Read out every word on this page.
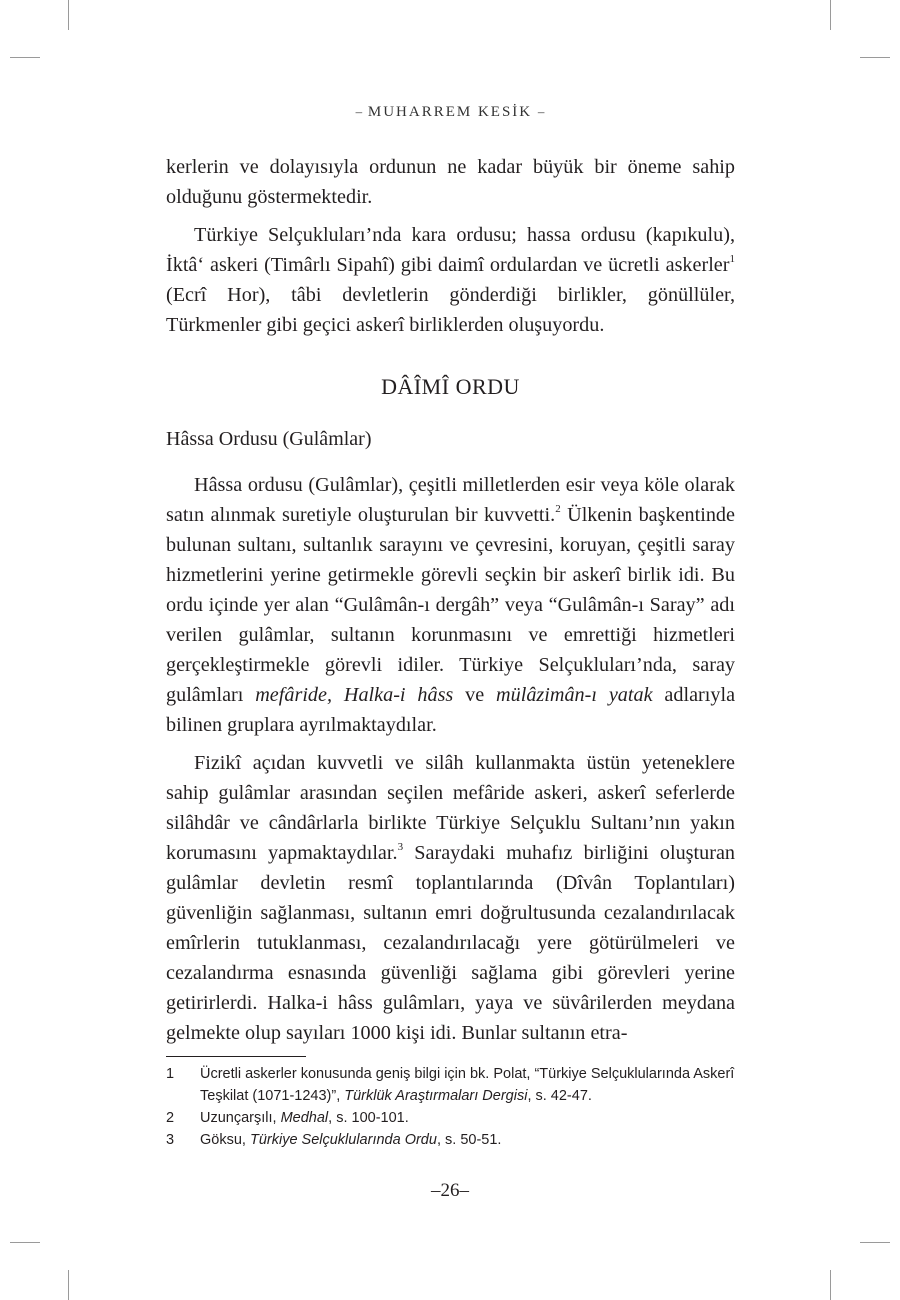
– MUHARREM KESİK –

kerlerin ve dolayısıyla ordunun ne kadar büyük bir öneme sahip olduğunu göstermektedir.

Türkiye Selçukluları’nda kara ordusu; hassa ordusu (kapıkulu), İktâ‘ askeri (Timârlı Sipahî) gibi daimî ordulardan ve ücretli askerler$^1$ (Ecrî Hor), tâbi devletlerin gönderdiği birlikler, gönüllüler, Türkmenler gibi geçici askerî birliklerden oluşuyordu.

DÂÎMÎ ORDU
Hâssa Ordusu (Gulâmlar)

Hâssa ordusu (Gulâmlar), çeşitli milletlerden esir veya köle olarak satın alınmak suretiyle oluşturulan bir kuvvetti.$^2$ Ülkenin başkentinde bulunan sultanı, sultanlık sarayını ve çevresini, koruyan, çeşitli saray hizmetlerini yerine getirmekle görevli seçkin bir askerî birlik idi. Bu ordu içinde yer alan “Gulâmân-ı dergâh” veya “Gulâmân-ı Saray” adı verilen gulâmlar, sultanın korunmasını ve emrettiği hizmetleri gerçekleştirmekle görevli idiler. Türkiye Selçukluları’nda, saray gulâmları mefâride, Halka-i hâss ve mülâzimân-ı yatak adlarıyla bilinen gruplara ayrılmaktaydılar.

Fizikî açıdan kuvvetli ve silâh kullanmakta üstün yeteneklere sahip gulâmlar arasından seçilen mefâride askeri, askerî seferlerde silâhdâr ve cândârlarla birlikte Türkiye Selçuklu Sultanı’nın yakın korumasını yapmaktaydılar.$^3$ Saraydaki muhafız birliğini oluşturan gulâmlar devletin resmî toplantılarında (Dîvân Toplantıları) güvenliğin sağlanması, sultanın emri doğrultusunda cezalandırılacak emîrlerin tutuklanması, cezalandırılacağı yere götürülmeleri ve cezalandırma esnasında güvenliği sağlama gibi görevleri yerine getirirlerdi. Halka-i hâss gulâmları, yaya ve süvârilerden meydana gelmekte olup sayıları 1000 kişi idi. Bunlar sultanın etra-

1	Ücretli askerler konusunda geniş bilgi için bk. Polat, “Türkiye Selçuklularında Askerî Teşkilat (1071-1243)”, Türklük Araştırmaları Dergisi, s. 42-47.
2	Uzunçarşılı, Medhal, s. 100-101.
3	Göksu, Türkiye Selçuklularında Ordu, s. 50-51.
–26–
